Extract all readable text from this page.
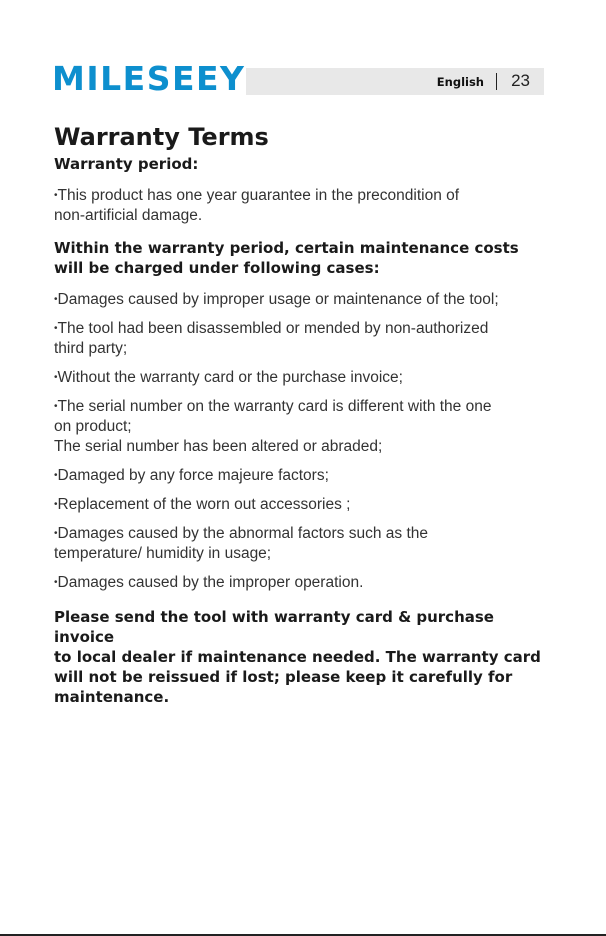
MILESEEY	English 23
Warranty Terms

Warranty period:

•This product has one year guarantee in the precondition of
non-artificial damage.

Within the warranty period, certain maintenance costs will be charged under following cases:

•Damages caused by improper usage or maintenance of the tool;

•The tool had been disassembled or mended by non-authorized
third party;

•Without the warranty card or the purchase invoice;

•The serial number on the warranty card is different with the one
on product;

The serial number has been altered or abraded;

•Damaged by any force majeure factors;

•Replacement of the worn out accessories ;

•Damages caused by the abnormal factors such as the
temperature/ humidity in usage;

•Damages caused by the improper operation.

Please send the tool with warranty card & purchase invoice
to local dealer if maintenance needed. The warranty card
will not be reissued if lost; please keep it carefully for
maintenance.
